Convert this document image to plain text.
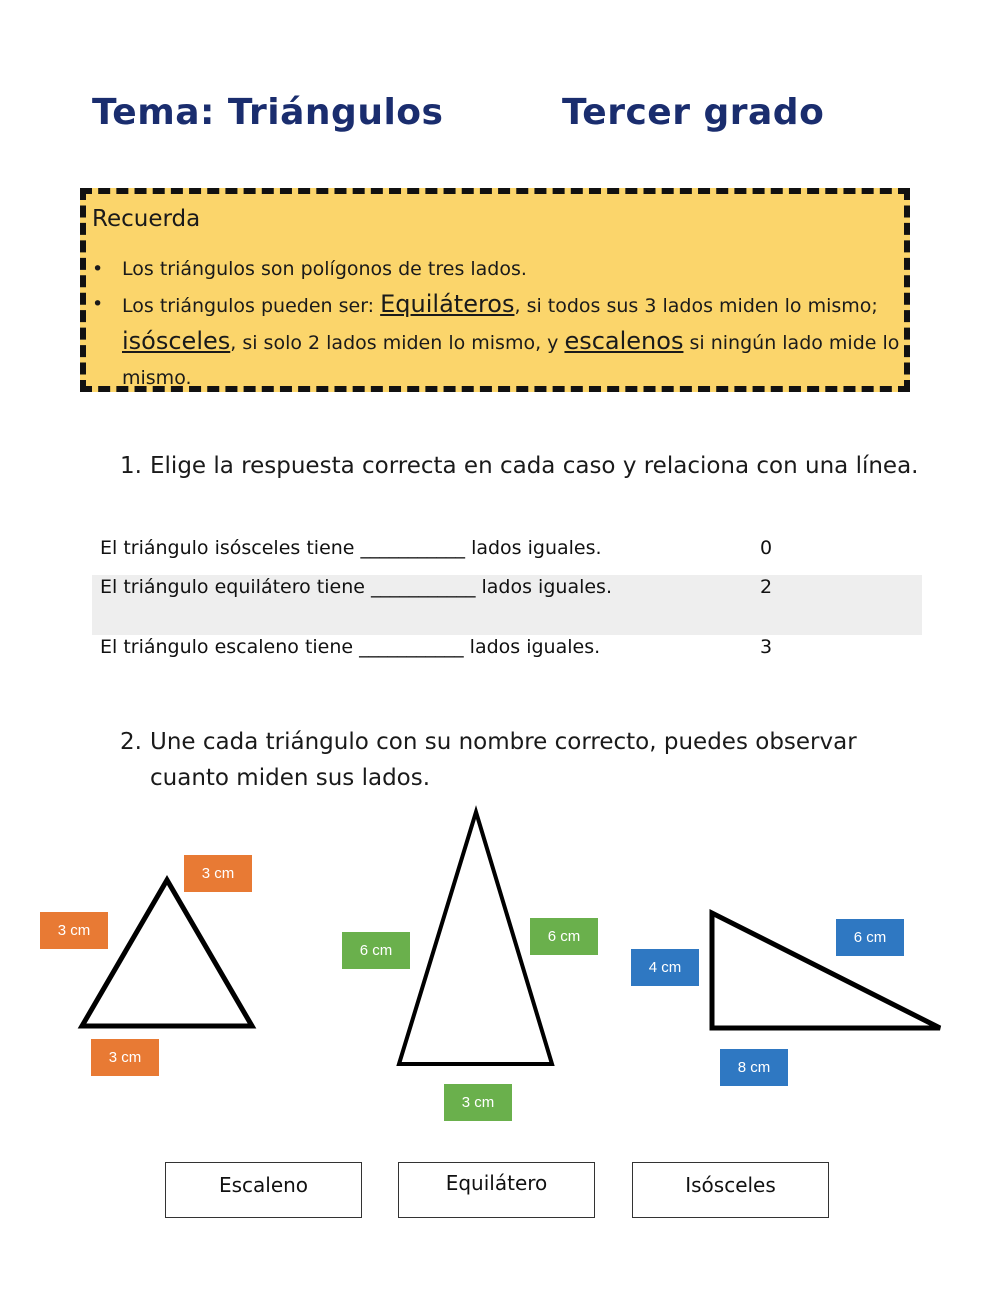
Tema: Triángulos	Tercer grado
Recuerda
• Los triángulos son polígonos de tres lados.
• Los triángulos pueden ser: Equiláteros, si todos sus 3 lados miden lo mismo; isósceles, si solo 2 lados miden lo mismo, y escalenos si ningún lado mide lo mismo.
1. Elige la respuesta correcta en cada caso y relaciona con una línea.
El triángulo isósceles tiene ___________ lados iguales.	0
El triángulo equilátero tiene ___________ lados iguales.	2
El triángulo escaleno tiene ___________ lados iguales.	3
2. Une cada triángulo con su nombre correcto, puedes observar cuanto miden sus lados.
3 cm
3 cm
3 cm
6 cm
6 cm
3 cm
4 cm
6 cm
8 cm
Escaleno	Equilátero	Isósceles
